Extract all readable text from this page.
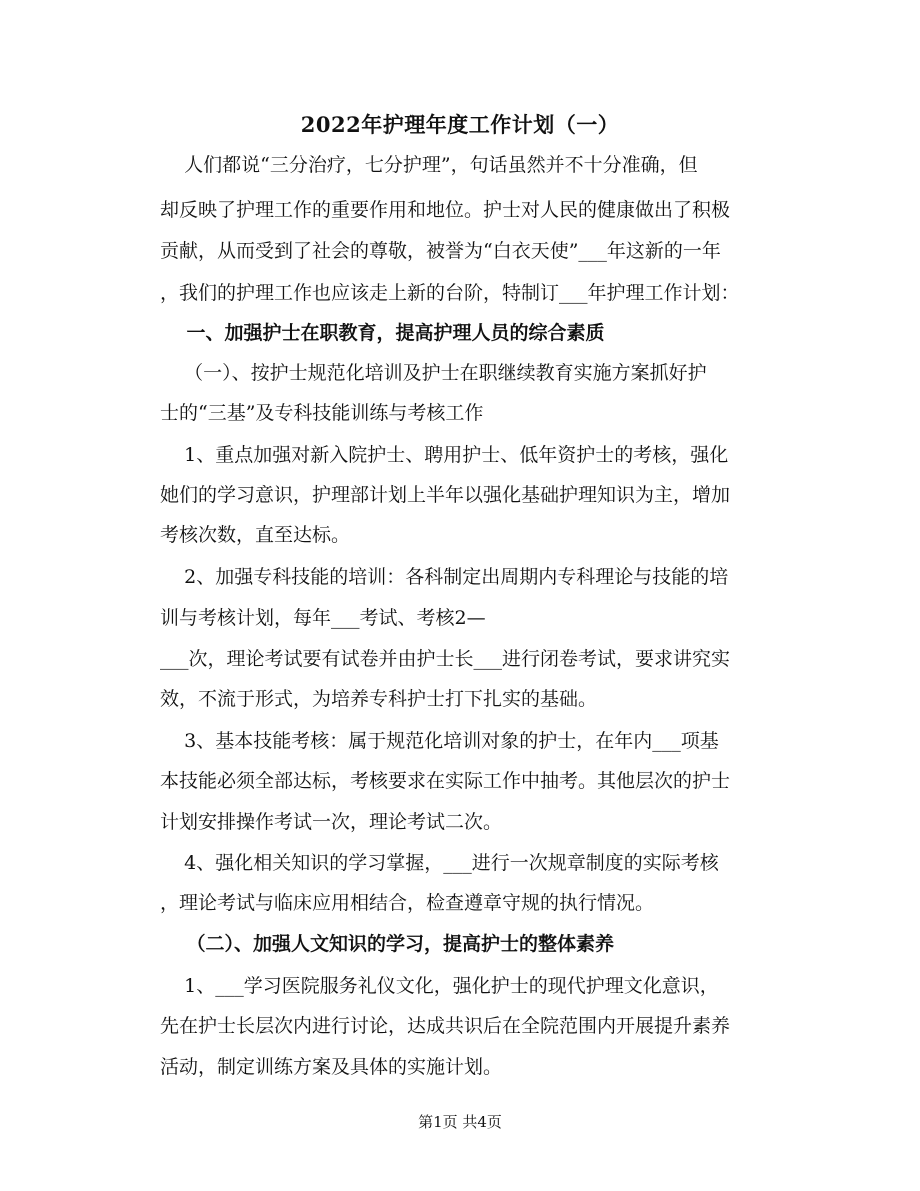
2022年护理年度工作计划（一）

人们都说“三分治疗，七分护理”，句话虽然并不十分准确，但

却反映了护理工作的重要作用和地位。护士对人民的健康做出了积极

贡献，从而受到了社会的尊敬，被誉为“白衣天使”___年这新的一年

，我们的护理工作也应该走上新的台阶，特制订___年护理工作计划：

一、加强护士在职教育，提高护理人员的综合素质

（一）、按护士规范化培训及护士在职继续教育实施方案抓好护

士的“三基”及专科技能训练与考核工作

1、重点加强对新入院护士、聘用护士、低年资护士的考核，强化

她们的学习意识，护理部计划上半年以强化基础护理知识为主，增加

考核次数，直至达标。

2、加强专科技能的培训：各科制定出周期内专科理论与技能的培

训与考核计划，每年___考试、考核2—

___次，理论考试要有试卷并由护士长___进行闭卷考试，要求讲究实

效，不流于形式，为培养专科护士打下扎实的基础。

3、基本技能考核：属于规范化培训对象的护士，在年内___项基

本技能必须全部达标，考核要求在实际工作中抽考。其他层次的护士

计划安排操作考试一次，理论考试二次。

4、强化相关知识的学习掌握，___进行一次规章制度的实际考核

，理论考试与临床应用相结合，检查遵章守规的执行情况。

（二）、加强人文知识的学习，提高护士的整体素养

1、___学习医院服务礼仪文化，强化护士的现代护理文化意识，

先在护士长层次内进行讨论，达成共识后在全院范围内开展提升素养

活动，制定训练方案及具体的实施计划。

第1页 共4页
